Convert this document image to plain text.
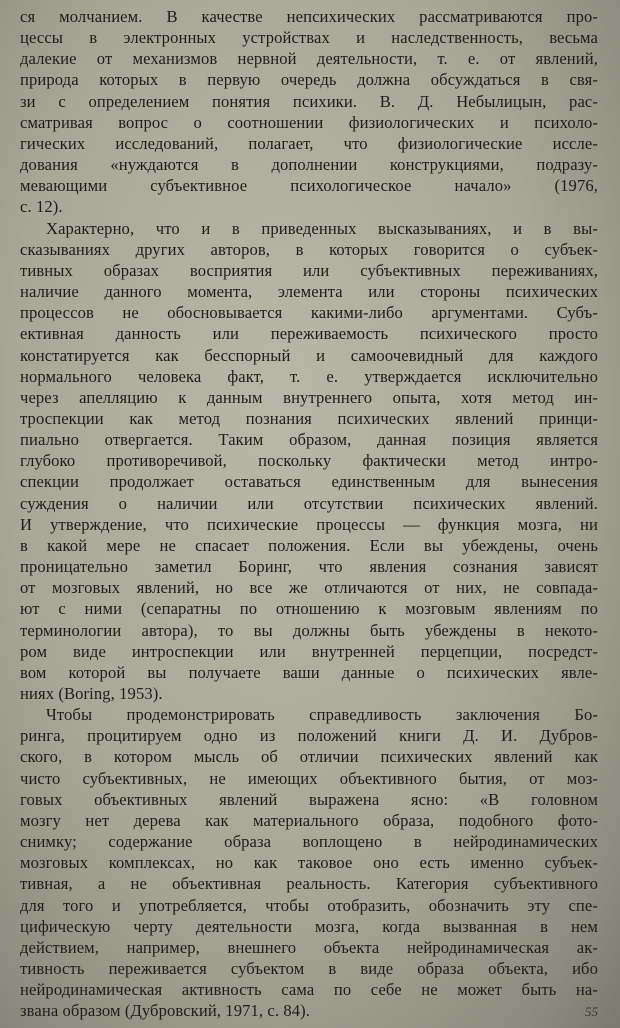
ся молчанием. В качестве непсихических рассматриваются про-
цессы в электронных устройствах и наследственность, весьма
далекие от механизмов нервной деятельности, т. е. от явлений,
природа которых в первую очередь должна обсуждаться в свя-
зи с определением понятия психики. В. Д. Небылицын, рас-
сматривая вопрос о соотношении физиологических и психоло-
гических исследований, полагает, что физиологические иссле-
дования «нуждаются в дополнении конструкциями, подразу-
мевающими субъективное психологическое начало» (1976,
с. 12).
Характерно, что и в приведенных высказываниях, и в вы-
сказываниях других авторов, в которых говорится о субъек-
тивных образах восприятия или субъективных переживаниях,
наличие данного момента, элемента или стороны психических
процессов не обосновывается какими-либо аргументами. Субъ-
ективная данность или переживаемость психического просто
констатируется как бесспорный и самоочевидный для каждого
нормального человека факт, т. е. утверждается исключительно
через апелляцию к данным внутреннего опыта, хотя метод ин-
троспекции как метод познания психических явлений принци-
пиально отвергается. Таким образом, данная позиция является
глубоко противоречивой, поскольку фактически метод интро-
спекции продолжает оставаться единственным для вынесения
суждения о наличии или отсутствии психических явлений.
И утверждение, что психические процессы — функция мозга, ни
в какой мере не спасает положения. Если вы убеждены, очень
проницательно заметил Боринг, что явления сознания зависят
от мозговых явлений, но все же отличаются от них, не совпада-
ют с ними (сепаратны по отношению к мозговым явлениям по
терминологии автора), то вы должны быть убеждены в некото-
ром виде интроспекции или внутренней перцепции, посредст-
вом которой вы получаете ваши данные о психических явле-
ниях (Boring, 1953).
Чтобы продемонстрировать справедливость заключения Бо-
ринга, процитируем одно из положений книги Д. И. Дубров-
ского, в котором мысль об отличии психических явлений как
чисто субъективных, не имеющих объективного бытия, от моз-
говых объективных явлений выражена ясно: «В головном
мозгу нет дерева как материального образа, подобного фото-
снимку; содержание образа воплощено в нейродинамических
мозговых комплексах, но как таковое оно есть именно субъек-
тивная, а не объективная реальность. Категория субъективного
для того и употребляется, чтобы отобразить, обозначить эту спе-
цифическую черту деятельности мозга, когда вызванная в нем
действием, например, внешнего объекта нейродинамическая ак-
тивность переживается субъектом в виде образа объекта, ибо
нейродинамическая активность сама по себе не может быть на-
звана образом (Дубровский, 1971, с. 84).	55
